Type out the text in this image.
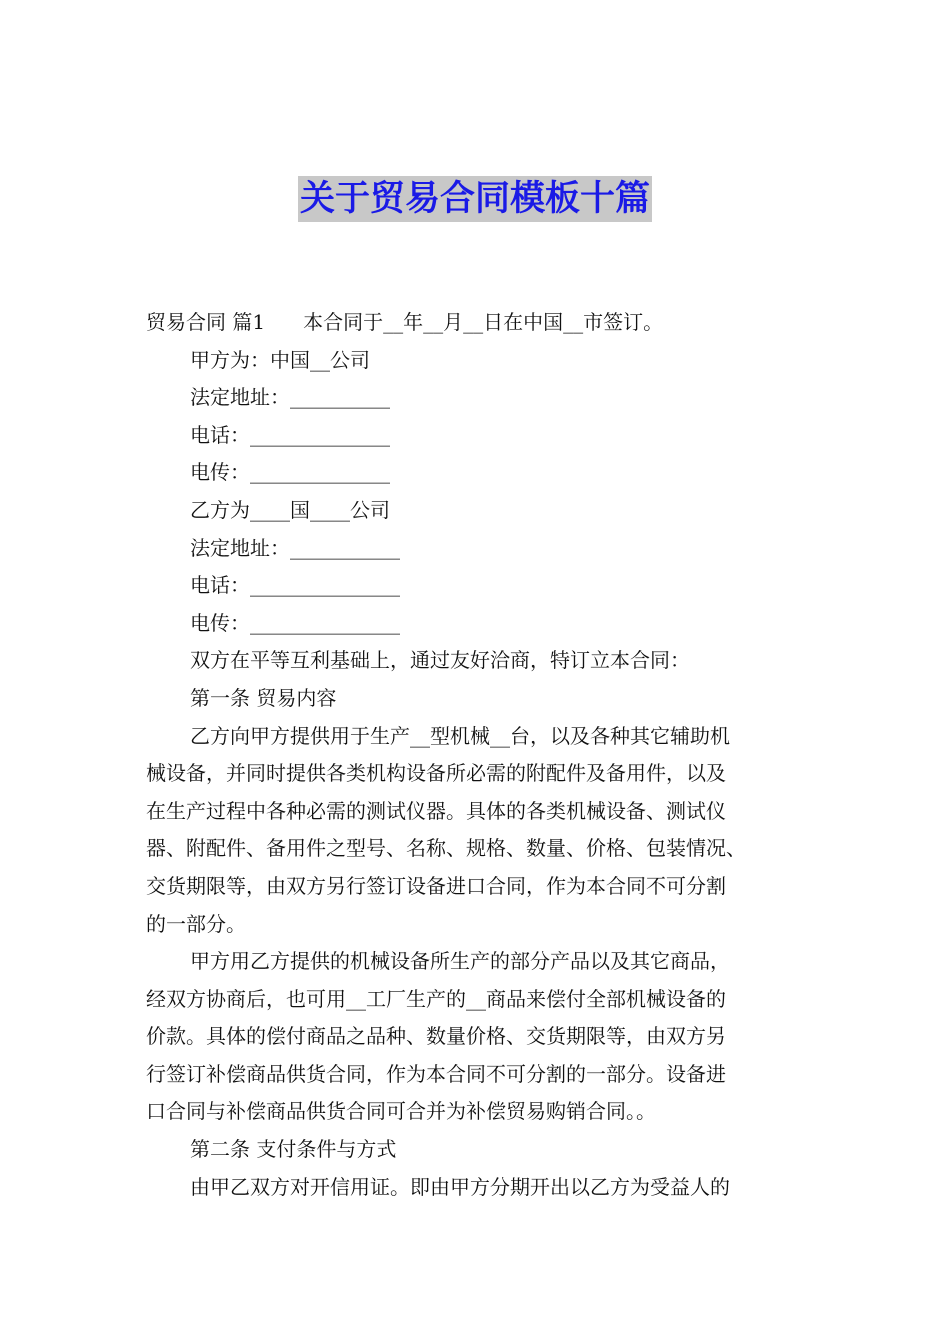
关于贸易合同模板十篇
贸易合同 篇1 本合同于__年__月__日在中国__市签订。
甲方为：中国__公司
法定地址：__________
电话：______________
电传：______________
乙方为____国____公司
法定地址：___________
电话：_______________
电传：_______________
双方在平等互利基础上，通过友好洽商，特订立本合同：
第一条 贸易内容
乙方向甲方提供用于生产__型机械__台，以及各种其它辅助机
械设备，并同时提供各类机构设备所必需的附配件及备用件，以及
在生产过程中各种必需的测试仪器。具体的各类机械设备、测试仪
器、附配件、备用件之型号、名称、规格、数量、价格、包装情况、
交货期限等，由双方另行签订设备进口合同，作为本合同不可分割
的一部分。
甲方用乙方提供的机械设备所生产的部分产品以及其它商品，
经双方协商后，也可用__工厂生产的__商品来偿付全部机械设备的
价款。具体的偿付商品之品种、数量价格、交货期限等，由双方另
行签订补偿商品供货合同，作为本合同不可分割的一部分。设备进
口合同与补偿商品供货合同可合并为补偿贸易购销合同。。
第二条 支付条件与方式
由甲乙双方对开信用证。即由甲方分期开出以乙方为受益人的
